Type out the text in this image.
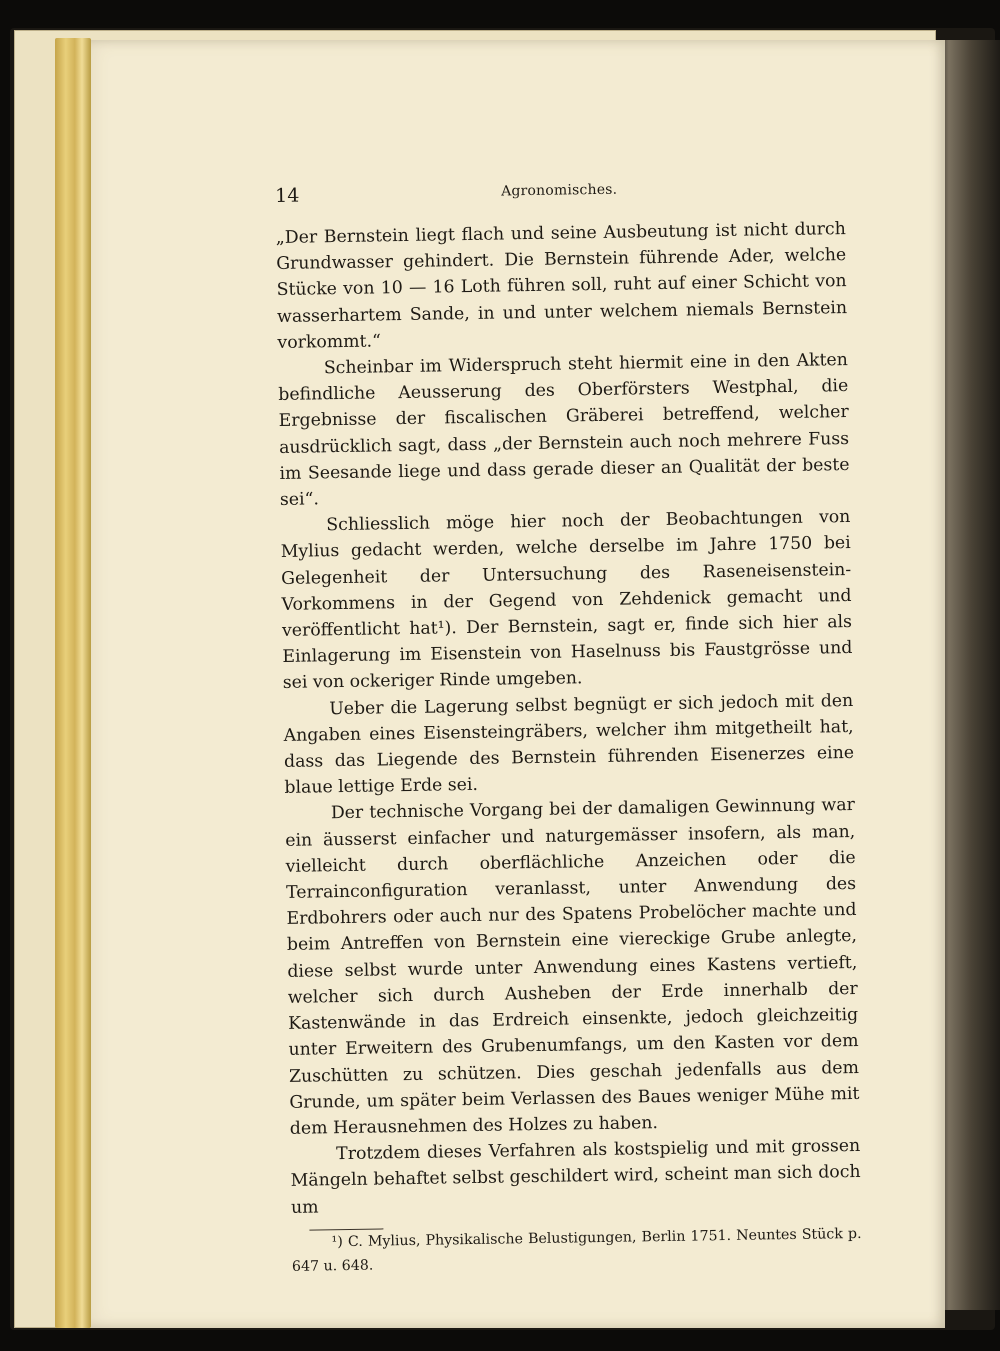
14	Agronomisches.

„Der Bernstein liegt flach und seine Ausbeutung ist nicht durch Grundwasser gehindert. Die Bernstein führende Ader, welche Stücke von 10 — 16 Loth führen soll, ruht auf einer Schicht von wasserhartem Sande, in und unter welchem niemals Bernstein vorkommt.“

Scheinbar im Widerspruch steht hiermit eine in den Akten befindliche Aeusserung des Oberförsters Westphal, die Ergebnisse der fiscalischen Gräberei betreffend, welcher ausdrücklich sagt, dass „der Bernstein auch noch mehrere Fuss im Seesande liege und dass gerade dieser an Qualität der beste sei“.

Schliesslich möge hier noch der Beobachtungen von Mylius gedacht werden, welche derselbe im Jahre 1750 bei Gelegenheit der Untersuchung des Raseneisenstein-Vorkommens in der Gegend von Zehdenick gemacht und veröffentlicht hat¹). Der Bernstein, sagt er, finde sich hier als Einlagerung im Eisenstein von Haselnuss bis Faustgrösse und sei von ockeriger Rinde umgeben.

Ueber die Lagerung selbst begnügt er sich jedoch mit den Angaben eines Eisensteingräbers, welcher ihm mitgetheilt hat, dass das Liegende des Bernstein führenden Eisenerzes eine blaue lettige Erde sei.

Der technische Vorgang bei der damaligen Gewinnung war ein äusserst einfacher und naturgemässer insofern, als man, vielleicht durch oberflächliche Anzeichen oder die Terrainconfiguration veranlasst, unter Anwendung des Erdbohrers oder auch nur des Spatens Probelöcher machte und beim Antreffen von Bernstein eine viereckige Grube anlegte, diese selbst wurde unter Anwendung eines Kastens vertieft, welcher sich durch Ausheben der Erde innerhalb der Kastenwände in das Erdreich einsenkte, jedoch gleichzeitig unter Erweitern des Grubenumfangs, um den Kasten vor dem Zuschütten zu schützen. Dies geschah jedenfalls aus dem Grunde, um später beim Verlassen des Baues weniger Mühe mit dem Herausnehmen des Holzes zu haben.

Trotzdem dieses Verfahren als kostspielig und mit grossen Mängeln behaftet selbst geschildert wird, scheint man sich doch um

¹) C. Mylius, Physikalische Belustigungen, Berlin 1751. Neuntes Stück p. 647 u. 648.
